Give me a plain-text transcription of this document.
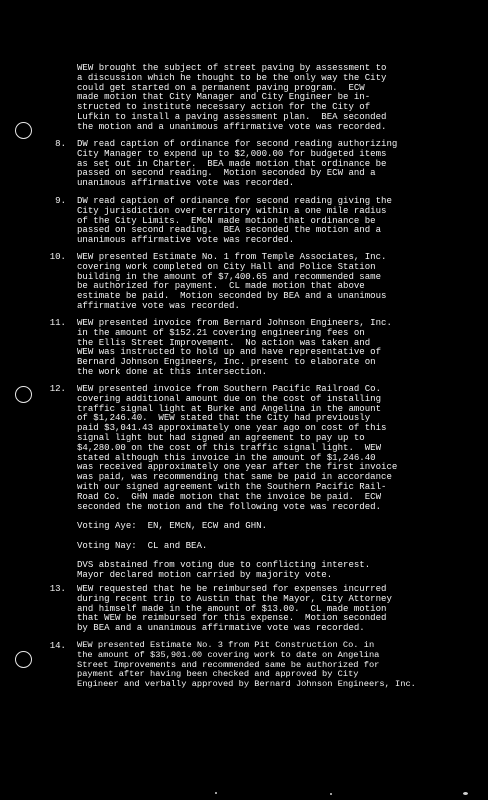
WEW brought the subject of street paving by assessment to
a discussion which he thought to be the only way the City
could get started on a permanent paving program.  ECW
made motion that City Manager and City Engineer be in-
structed to institute necessary action for the City of
Lufkin to install a paving assessment plan.  BEA seconded
the motion and a unanimous affirmative vote was recorded.
8. DW read caption of ordinance for second reading authorizing
City Manager to expend up to $2,000.00 for budgeted items
as set out in Charter.  BEA made motion that ordinance be
passed on second reading.  Motion seconded by ECW and a
unanimous affirmative vote was recorded.
9. DW read caption of ordinance for second reading giving the
City jurisdiction over territory within a one mile radius
of the City Limits.  EMcN made motion that ordinance be
passed on second reading.  BEA seconded the motion and a
unanimous affirmative vote was recorded.
10. WEW presented Estimate No. 1 from Temple Associates, Inc.
covering work completed on City Hall and Police Station
building in the amount of $7,400.65 and recommended same
be authorized for payment.  CL made motion that above
estimate be paid.  Motion seconded by BEA and a unanimous
affirmative vote was recorded.
11. WEW presented invoice from Bernard Johnson Engineers, Inc.
in the amount of $152.21 covering engineering fees on
the Ellis Street Improvement.  No action was taken and
WEW was instructed to hold up and have representative of
Bernard Johnson Engineers, Inc. present to elaborate on
the work done at this intersection.
12. WEW presented invoice from Southern Pacific Railroad Co.
covering additional amount due on the cost of installing
traffic signal light at Burke and Angelina in the amount
of $1,246.40.  WEW stated that the City had previously
paid $3,041.43 approximately one year ago on cost of this
signal light but had signed an agreement to pay up to
$4,280.00 on the cost of this traffic signal light.  WEW
stated although this invoice in the amount of $1,246.40
was received approximately one year after the first invoice
was paid, was recommending that same be paid in accordance
with our signed agreement with the Southern Pacific Rail-
Road Co.  GHN made motion that the invoice be paid.  ECW
seconded the motion and the following vote was recorded.

Voting Aye:  EN, EMcN, ECW and GHN.

Voting Nay:  CL and BEA.

DVS abstained from voting due to conflicting interest.
Mayor declared motion carried by majority vote.
13. WEW requested that he be reimbursed for expenses incurred
during recent trip to Austin that the Mayor, City Attorney
and himself made in the amount of $13.00.  CL made motion
that WEW be reimbursed for this expense.  Motion seconded
by BEA and a unanimous affirmative vote was recorded.
14. WEW presented Estimate No. 3 from Pit Construction Co. in
the amount of $35,901.00 covering work to date on Angelina
Street Improvements and recommended same be authorized for
payment after having been checked and approved by City
Engineer and verbally approved by Bernard Johnson Engineers, Inc.
